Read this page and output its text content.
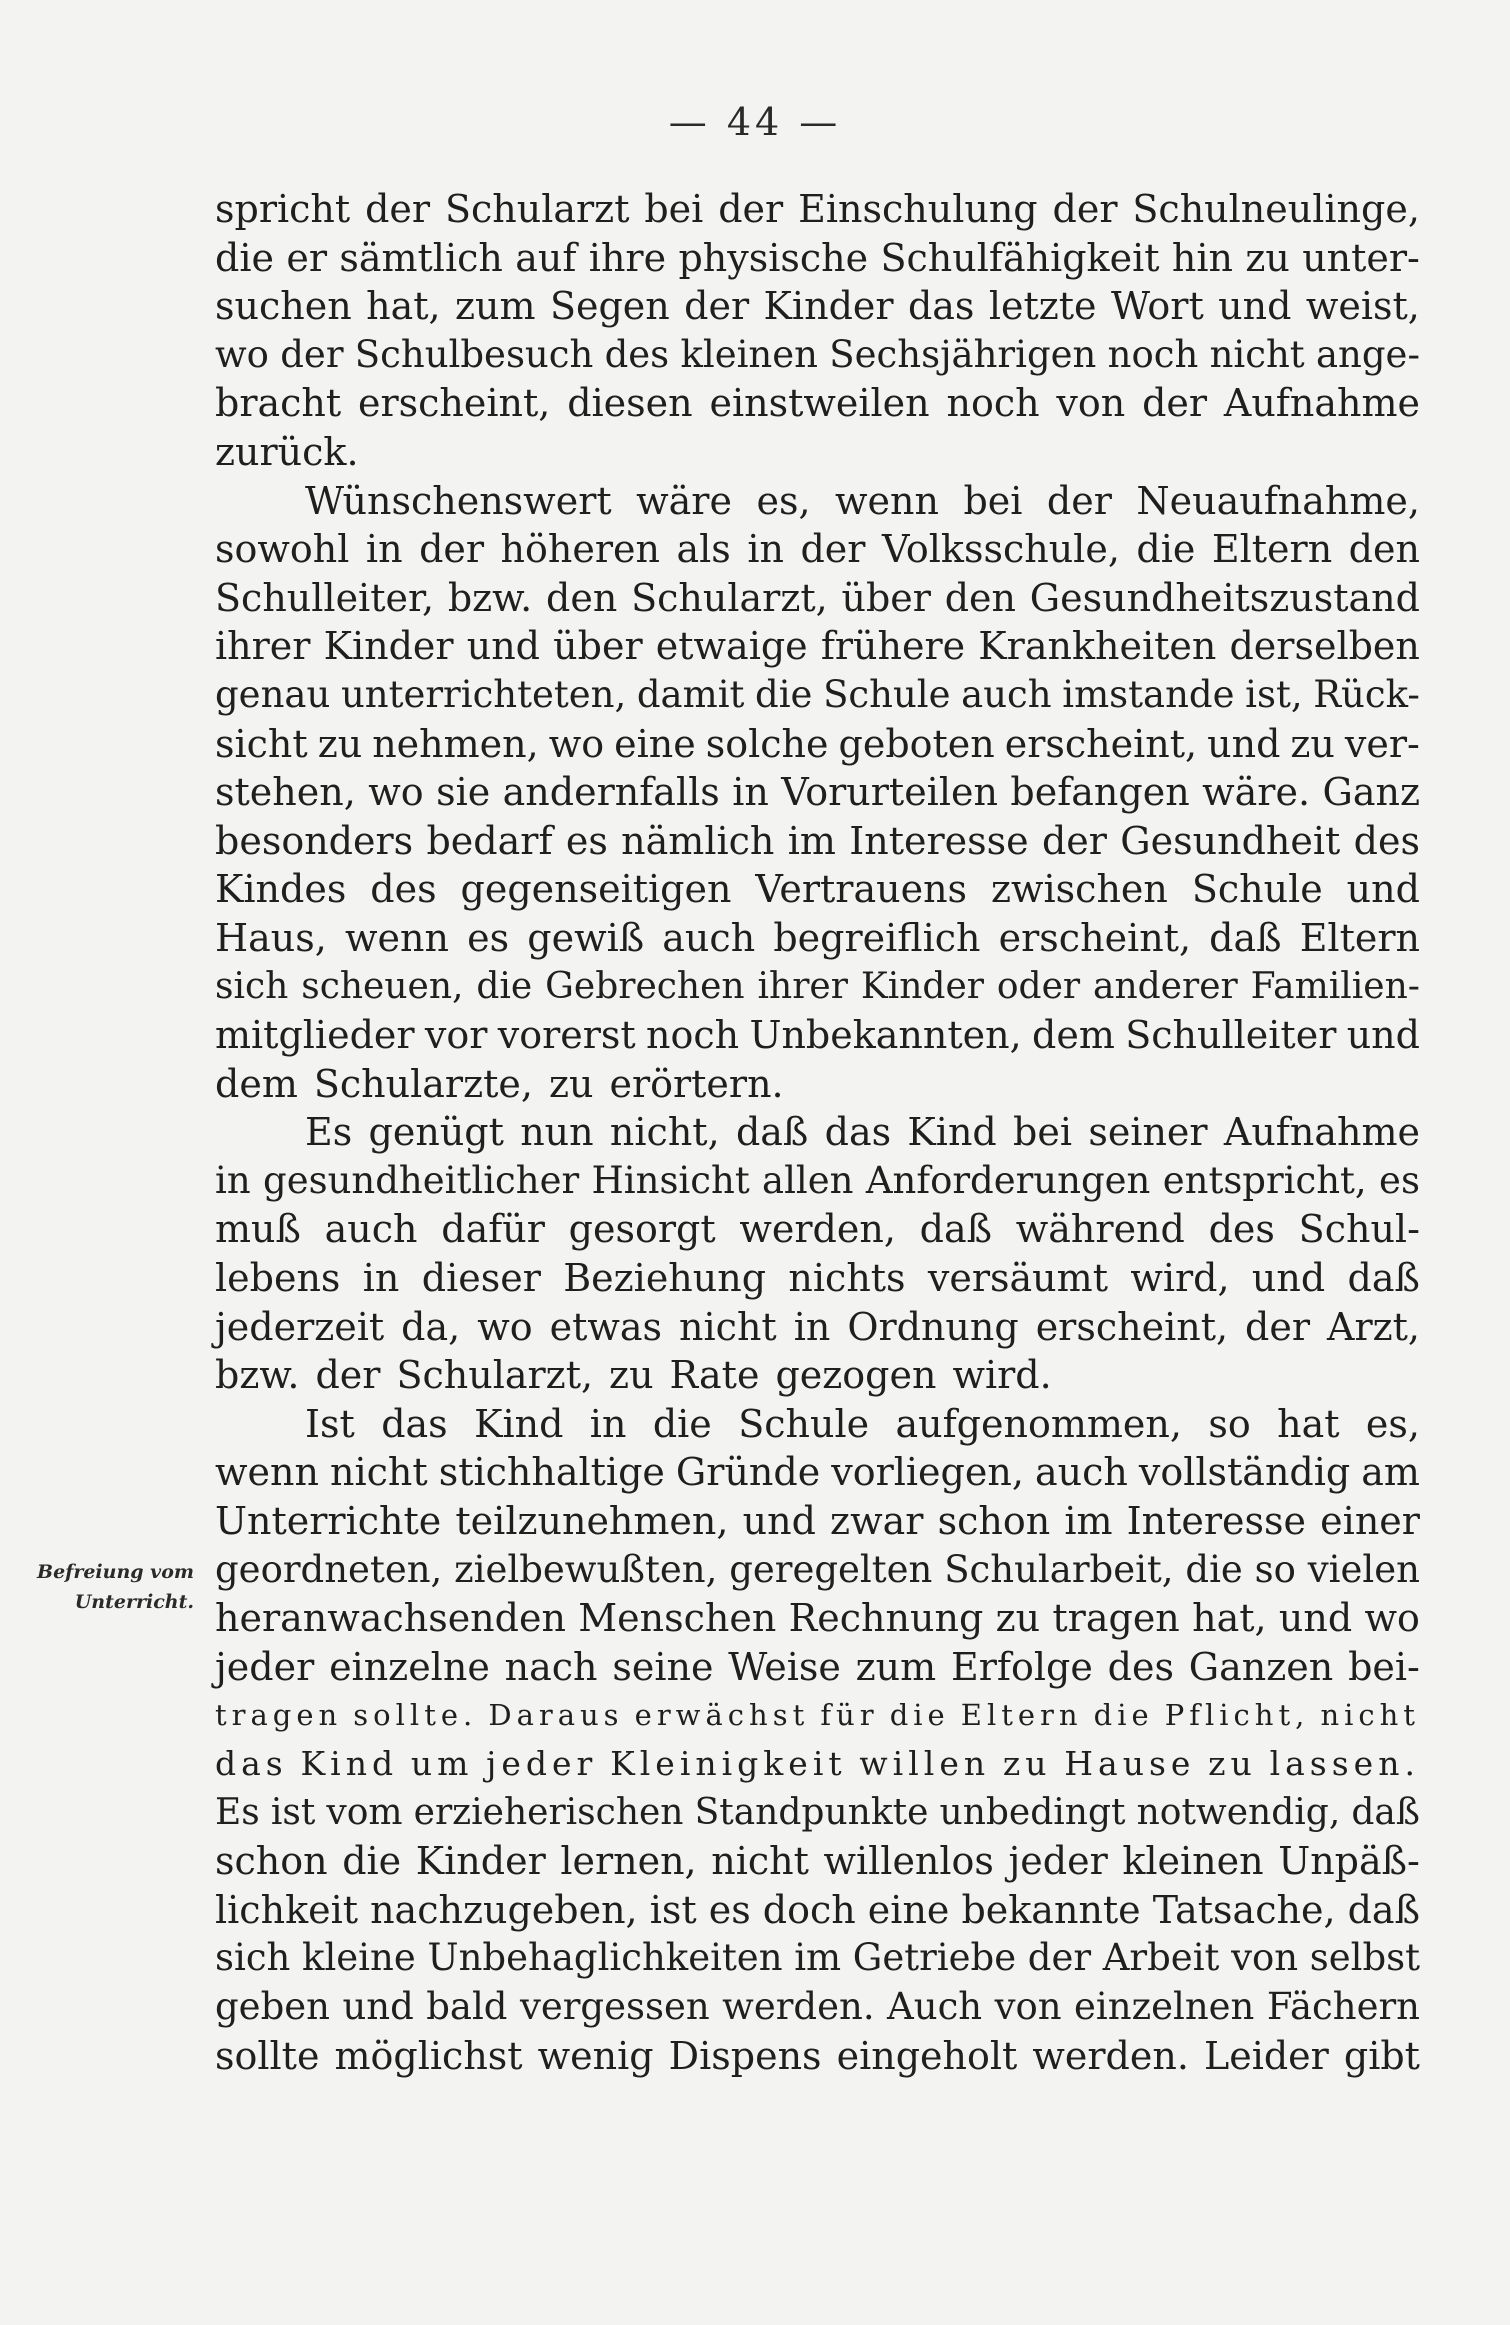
— 44 —
Befreiung vom
Unterricht.
spricht der Schularzt bei der Einschulung der Schulneulinge,
die er sämtlich auf ihre physische Schulfähigkeit hin zu unter-
suchen hat, zum Segen der Kinder das letzte Wort und weist,
wo der Schulbesuch des kleinen Sechsjährigen noch nicht ange-
bracht erscheint, diesen einstweilen noch von der Aufnahme
zurück.
Wünschenswert wäre es, wenn bei der Neuaufnahme,
sowohl in der höheren als in der Volksschule, die Eltern den
Schulleiter, bzw. den Schularzt, über den Gesundheitszustand
ihrer Kinder und über etwaige frühere Krankheiten derselben
genau unterrichteten, damit die Schule auch imstande ist, Rück-
sicht zu nehmen, wo eine solche geboten erscheint, und zu ver-
stehen, wo sie andernfalls in Vorurteilen befangen wäre. Ganz
besonders bedarf es nämlich im Interesse der Gesundheit des
Kindes des gegenseitigen Vertrauens zwischen Schule und
Haus, wenn es gewiß auch begreiflich erscheint, daß Eltern
sich scheuen, die Gebrechen ihrer Kinder oder anderer Familien-
mitglieder vor vorerst noch Unbekannten, dem Schulleiter und
dem Schularzte, zu erörtern.
Es genügt nun nicht, daß das Kind bei seiner Aufnahme
in gesundheitlicher Hinsicht allen Anforderungen entspricht, es
muß auch dafür gesorgt werden, daß während des Schul-
lebens in dieser Beziehung nichts versäumt wird, und daß
jederzeit da, wo etwas nicht in Ordnung erscheint, der Arzt,
bzw. der Schularzt, zu Rate gezogen wird.
Ist das Kind in die Schule aufgenommen, so hat es,
wenn nicht stichhaltige Gründe vorliegen, auch vollständig am
Unterrichte teilzunehmen, und zwar schon im Interesse einer
geordneten, zielbewußten, geregelten Schularbeit, die so vielen
heranwachsenden Menschen Rechnung zu tragen hat, und wo
jeder einzelne nach seine Weise zum Erfolge des Ganzen bei-
tragen sollte. Daraus erwächst für die Eltern die Pflicht, nicht
das Kind um jeder Kleinigkeit willen zu Hause zu lassen.
Es ist vom erzieherischen Standpunkte unbedingt notwendig, daß
schon die Kinder lernen, nicht willenlos jeder kleinen Unpäß-
lichkeit nachzugeben, ist es doch eine bekannte Tatsache, daß
sich kleine Unbehaglichkeiten im Getriebe der Arbeit von selbst
geben und bald vergessen werden. Auch von einzelnen Fächern
sollte möglichst wenig Dispens eingeholt werden. Leider gibt
